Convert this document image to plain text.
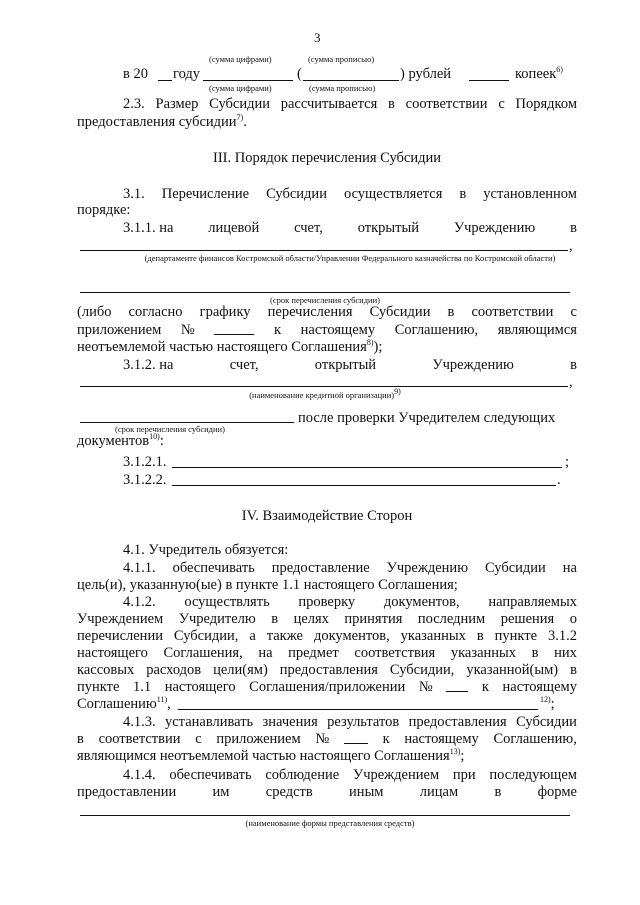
3
(сумма цифрами)	(сумма прописью)
в 20 году	(	) рублей	копеек$^{6)}$
(сумма цифрами)	(сумма прописью)
2.3. Размер Субсидии рассчитывается в соответствии с Порядком
предоставления субсидии$^{7)}$.
III. Порядок перечисления Субсидии
3.1. Перечисление Субсидии осуществляется в установленном
порядке:
3.1.1. на лицевой счет, открытый Учреждению в
,
(департаменте финансов Костромской области/Управлении Федерального казначейства по Костромской области)
(срок перечисления субсидии)
(либо согласно графику перечисления Субсидии в соответствии с
приложением №	к настоящему Соглашению, являющимся
неотъемлемой частью настоящего Соглашения$^{8)}$);
3.1.2. на	счет,	открытый	Учреждению	в
,
(наименование кредитной организации)$^{9)}$
после проверки Учредителем следующих
(срок перечисления субсидии)
документов$^{10)}$:
3.1.2.1.	;
3.1.2.2.	.
IV. Взаимодействие Сторон
4.1. Учредитель обязуется:
4.1.1. обеспечивать предоставление Учреждению Субсидии на
цель(и), указанную(ые) в пункте 1.1 настоящего Соглашения;
4.1.2. осуществлять проверку документов, направляемых
Учреждением Учредителю в целях принятия последним решения о
перечислении Субсидии, а также документов, указанных в пункте 3.1.2
настоящего Соглашения, на предмет соответствия указанных в них
кассовых расходов цели(ям) предоставления Субсидии, указанной(ым) в
пункте 1.1 настоящего Соглашения/приложении №	к настоящему
Соглашению$^{11)}$,	$^{12)}$;
4.1.3. устанавливать значения результатов предоставления Субсидии
в соответствии с приложением №	к настоящему Соглашению,
являющимся неотъемлемой частью настоящего Соглашения$^{13)}$;
4.1.4. обеспечивать соблюдение Учреждением при последующем
предоставлении	им	средств	иным	лицам	в	форме
(наименование формы представления средств)
